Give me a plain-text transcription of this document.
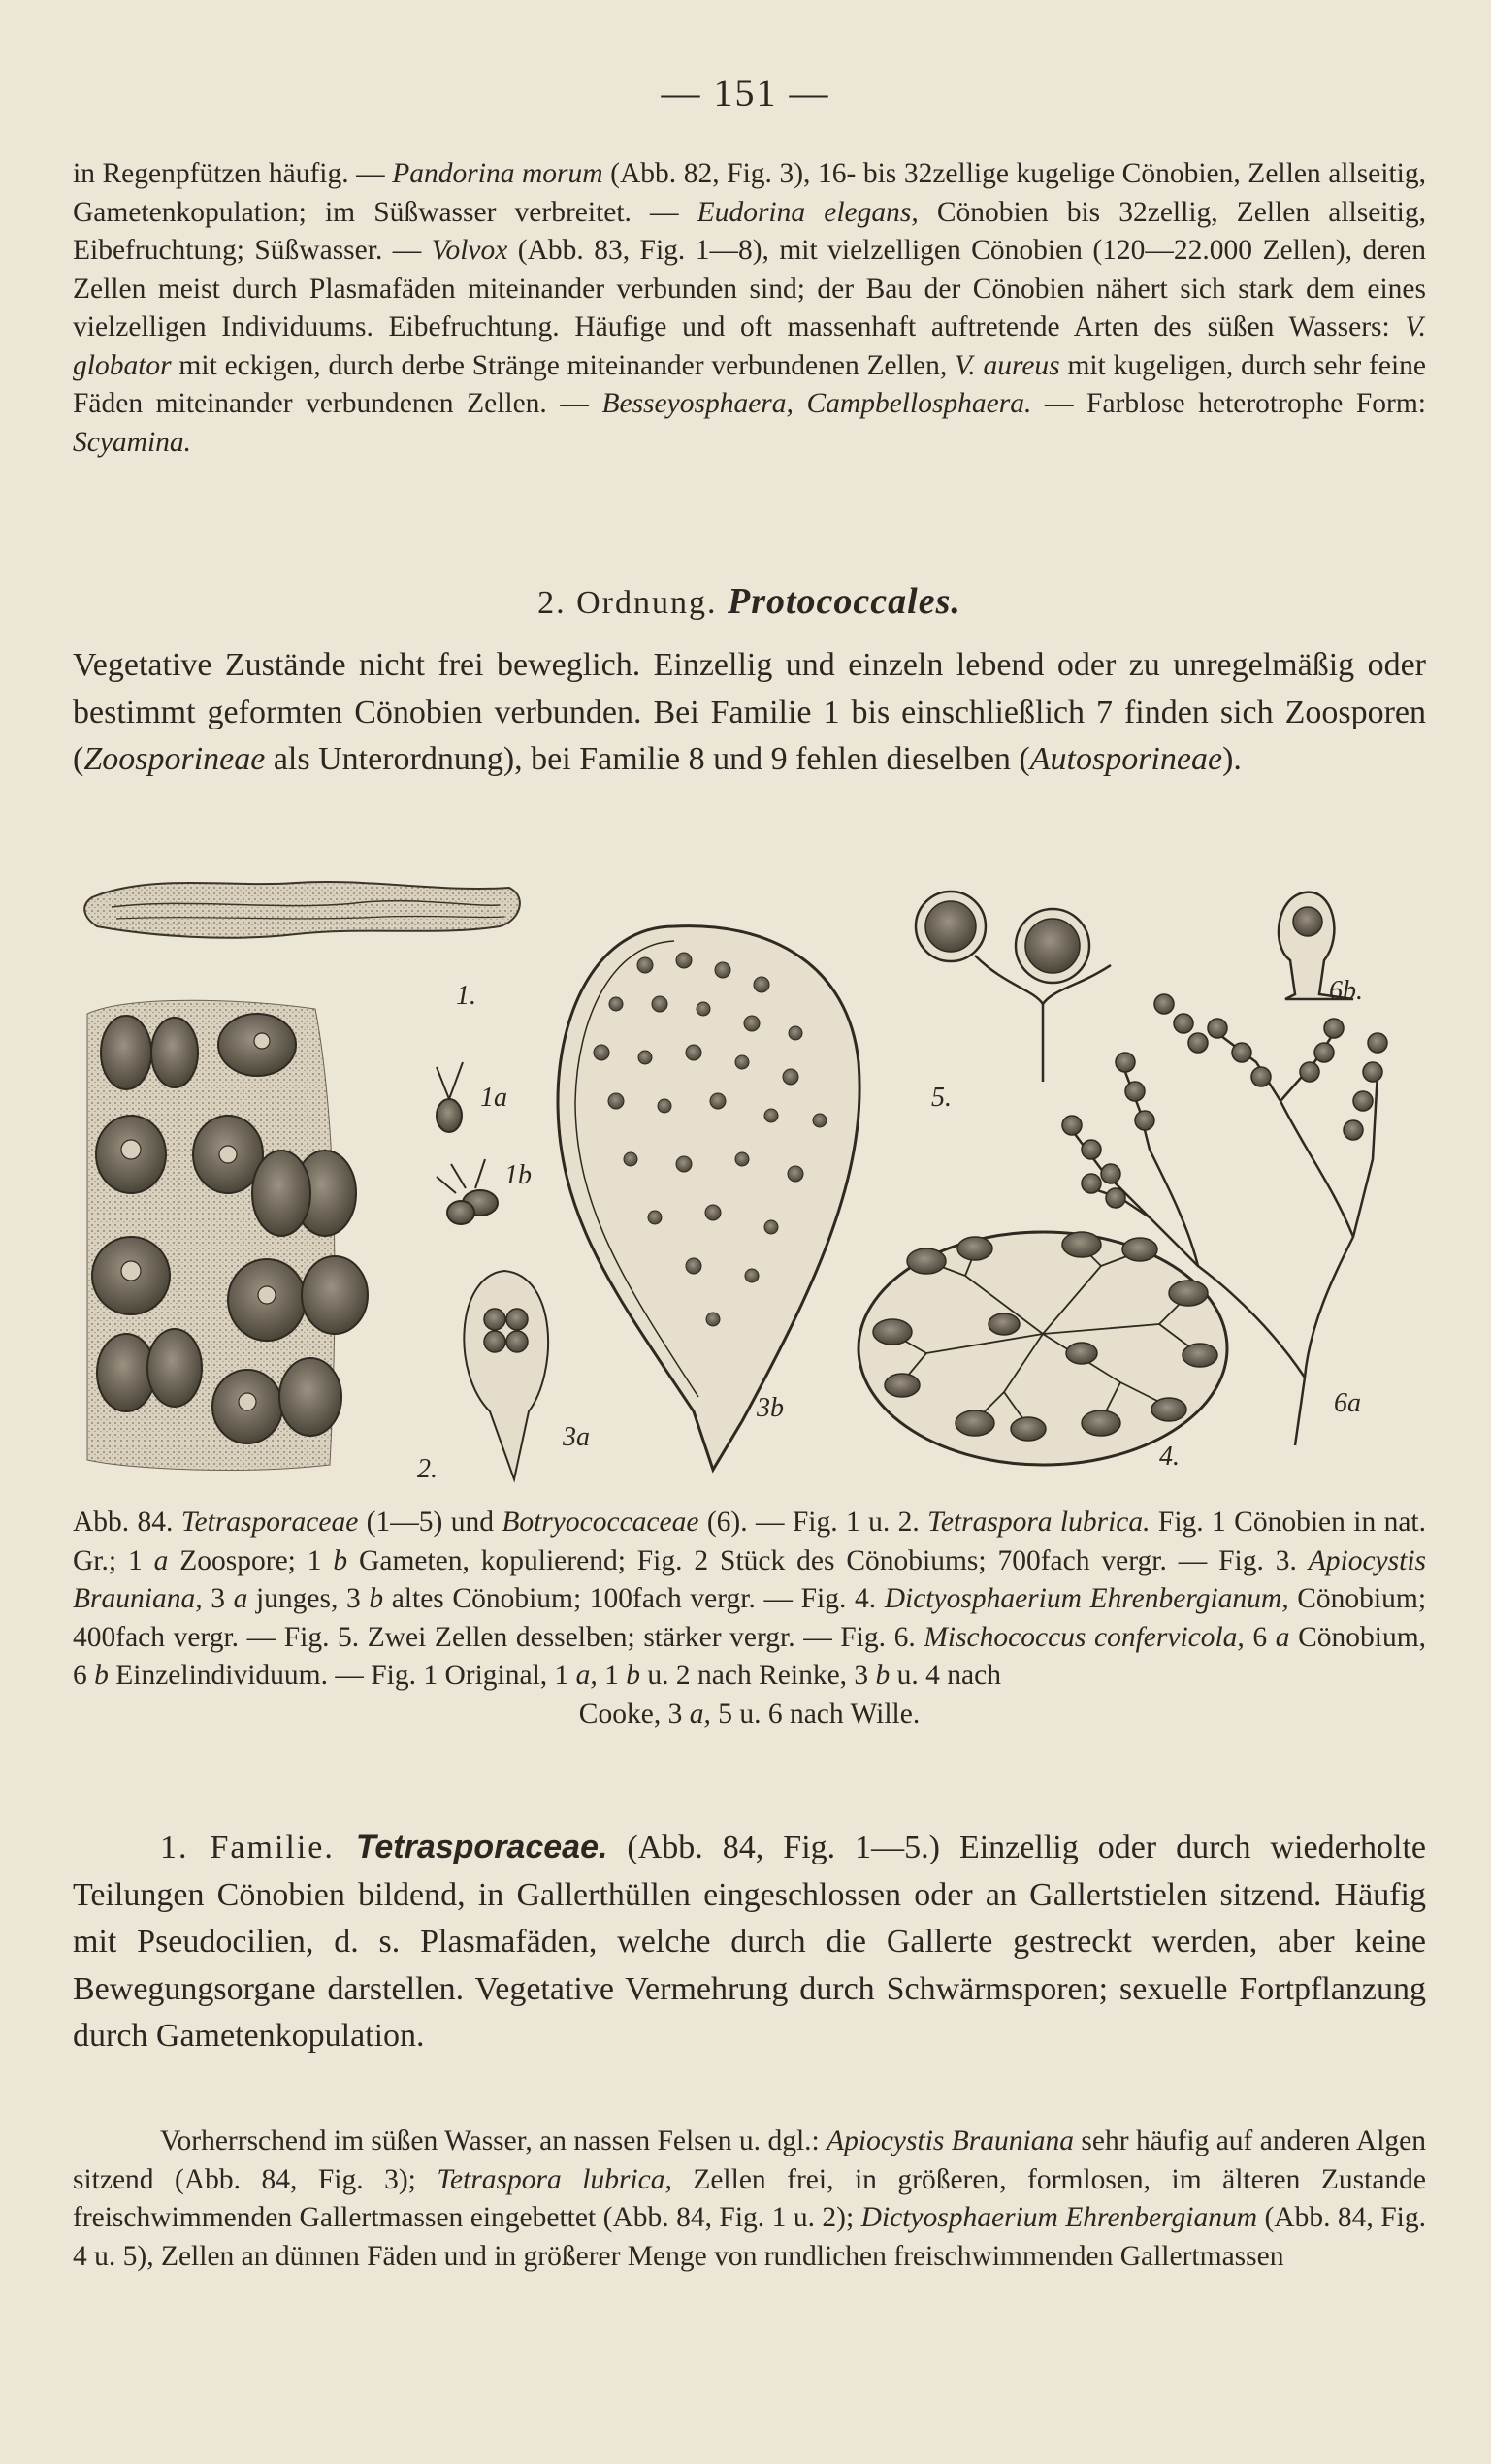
— 151 —

in Regenpfützen häufig. — Pandorina morum (Abb. 82, Fig. 3), 16- bis 32zellige kugelige Cönobien, Zellen allseitig, Gametenkopulation; im Süßwasser verbreitet. — Eudorina elegans, Cönobien bis 32zellig, Zellen allseitig, Eibefruchtung; Süßwasser. — Volvox (Abb. 83, Fig. 1—8), mit vielzelligen Cönobien (120—22.000 Zellen), deren Zellen meist durch Plasmafäden miteinander verbunden sind; der Bau der Cönobien nähert sich stark dem eines vielzelligen Individuums. Eibefruchtung. Häufige und oft massenhaft auftretende Arten des süßen Wassers: V. globator mit eckigen, durch derbe Stränge miteinander verbundenen Zellen, V. aureus mit kugeligen, durch sehr feine Fäden miteinander verbundenen Zellen. — Besseyosphaera, Campbellosphaera. — Farblose heterotrophe Form: Scyamina.

2. Ordnung. Protococcales.

Vegetative Zustände nicht frei beweglich. Einzellig und einzeln lebend oder zu unregelmäßig oder bestimmt geformten Cönobien verbunden. Bei Familie 1 bis einschließlich 7 finden sich Zoosporen (Zoosporineae als Unterordnung), bei Familie 8 und 9 fehlen dieselben (Autosporineae).

1.
1a
1b
2.
3a
3b
4.
5.
6a
6b.

Abb. 84. Tetrasporaceae (1—5) und Botryococcaceae (6). — Fig. 1 u. 2. Tetraspora lubrica. Fig. 1 Cönobien in nat. Gr.; 1 a Zoospore; 1 b Gameten, kopulierend; Fig. 2 Stück des Cönobiums; 700fach vergr. — Fig. 3. Apiocystis Brauniana, 3 a junges, 3 b altes Cönobium; 100fach vergr. — Fig. 4. Dictyosphaerium Ehrenbergianum, Cönobium; 400fach vergr. — Fig. 5. Zwei Zellen desselben; stärker vergr. — Fig. 6. Mischococcus confervicola, 6 a Cönobium, 6 b Einzelindividuum. — Fig. 1 Original, 1 a, 1 b u. 2 nach Reinke, 3 b u. 4 nach

Cooke, 3 a, 5 u. 6 nach Wille.

1. Familie. Tetrasporaceae. (Abb. 84, Fig. 1—5.) Einzellig oder durch wiederholte Teilungen Cönobien bildend, in Gallerthüllen eingeschlossen oder an Gallertstielen sitzend. Häufig mit Pseudocilien, d. s. Plasmafäden, welche durch die Gallerte gestreckt werden, aber keine Bewegungsorgane darstellen. Vegetative Vermehrung durch Schwärmsporen; sexuelle Fortpflanzung durch Gametenkopulation.

Vorherrschend im süßen Wasser, an nassen Felsen u. dgl.: Apiocystis Brauniana sehr häufig auf anderen Algen sitzend (Abb. 84, Fig. 3); Tetraspora lubrica, Zellen frei, in größeren, formlosen, im älteren Zustande freischwimmenden Gallertmassen eingebettet (Abb. 84, Fig. 1 u. 2); Dictyosphaerium Ehrenbergianum (Abb. 84, Fig. 4 u. 5), Zellen an dünnen Fäden und in größerer Menge von rundlichen freischwimmenden Gallertmassen
